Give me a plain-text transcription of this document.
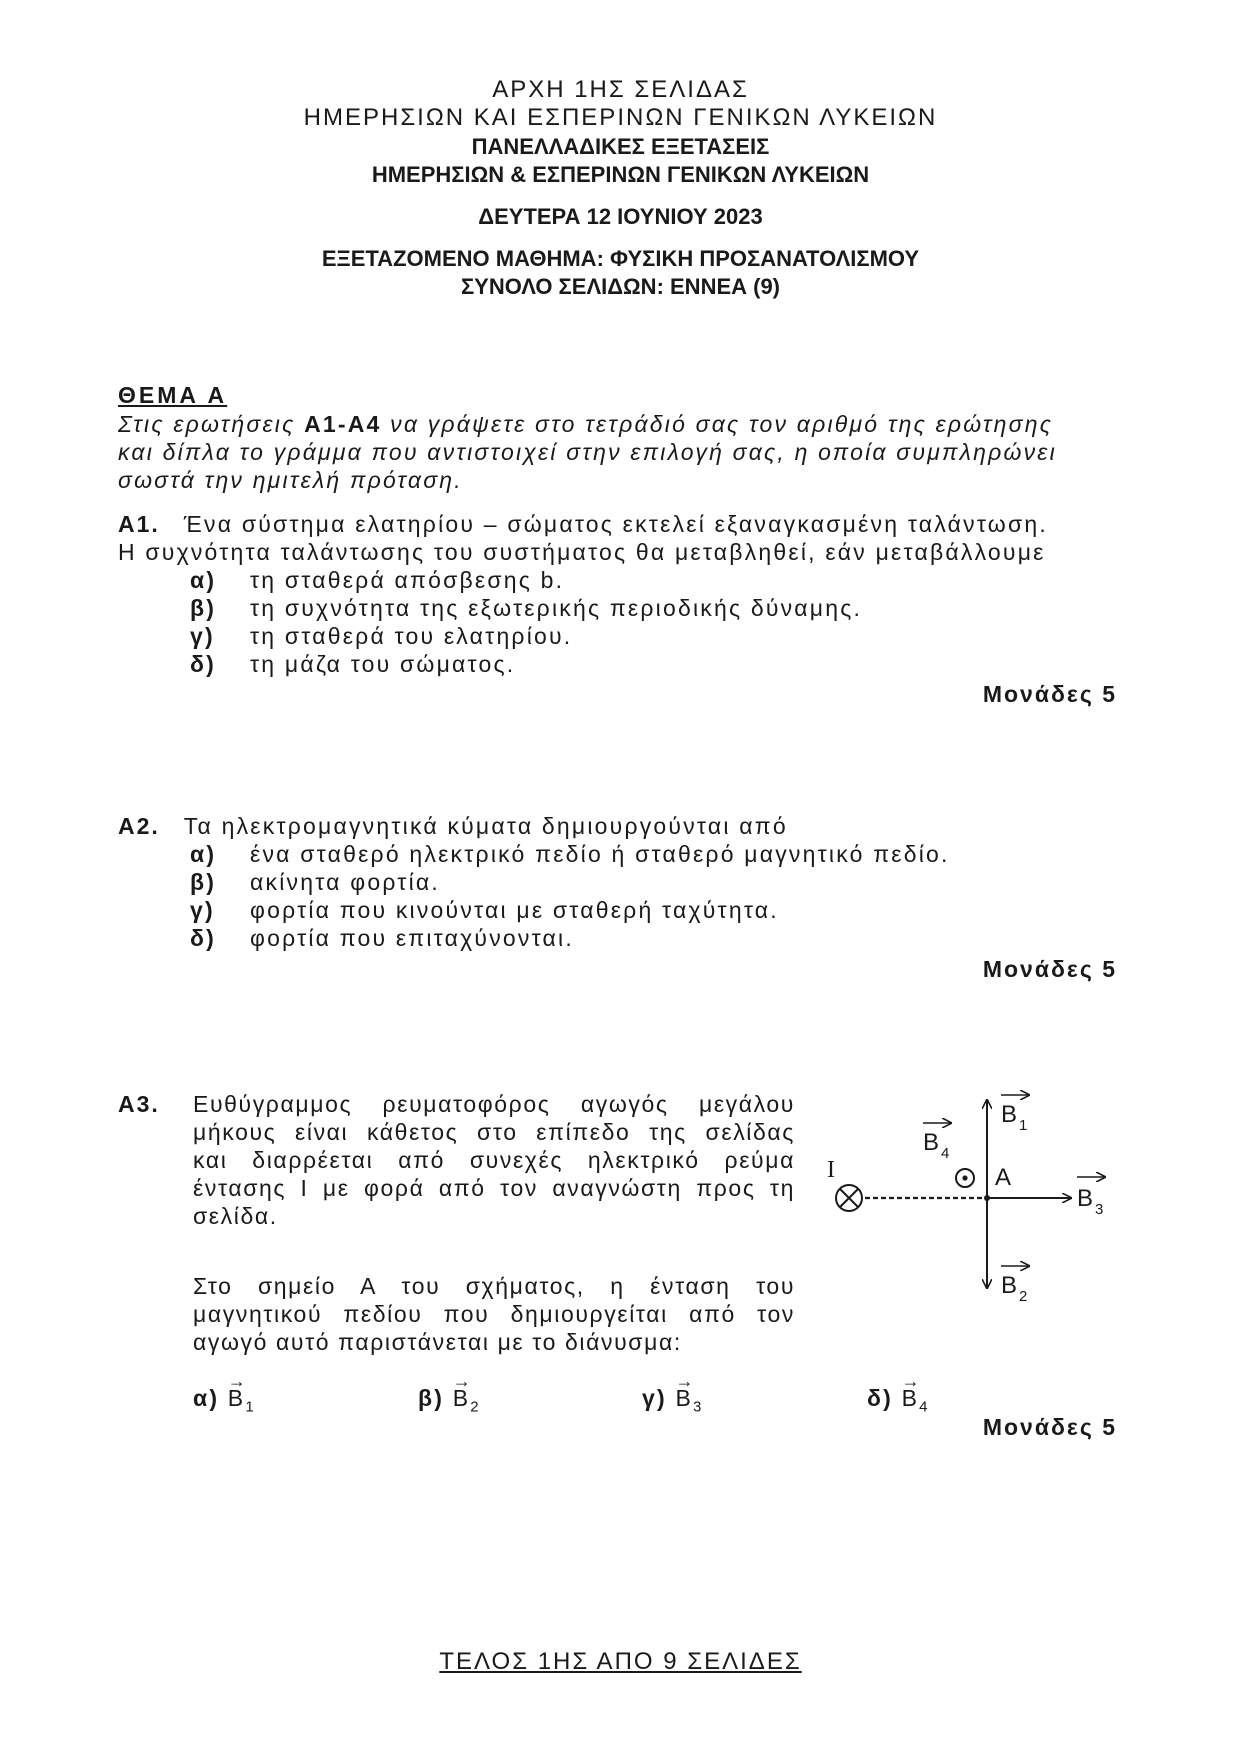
ΑΡΧΗ 1ΗΣ ΣΕΛΙΔΑΣ
ΗΜΕΡΗΣΙΩΝ ΚΑΙ ΕΣΠΕΡΙΝΩΝ ΓΕΝΙΚΩΝ ΛΥΚΕΙΩΝ
ΠΑΝΕΛΛΑΔΙΚΕΣ ΕΞΕΤΑΣΕΙΣ
ΗΜΕΡΗΣΙΩΝ & ΕΣΠΕΡΙΝΩΝ ΓΕΝΙΚΩΝ ΛΥΚΕΙΩΝ
ΔΕΥΤΕΡΑ 12 ΙΟΥΝΙΟΥ 2023
ΕΞΕΤΑΖΟΜΕΝΟ ΜΑΘΗΜΑ: ΦΥΣΙΚΗ ΠΡΟΣΑΝΑΤΟΛΙΣΜΟΥ
ΣΥΝΟΛΟ ΣΕΛΙΔΩΝ: ΕΝΝΕΑ (9)
ΘΕΜΑ Α
Στις ερωτήσεις Α1-Α4 να γράψετε στο τετράδιό σας τον αριθμό της ερώτησης
και δίπλα το γράμμα που αντιστοιχεί στην επιλογή σας, η οποία συμπληρώνει
σωστά την ημιτελή πρόταση.
Α1. Ένα σύστημα ελατηρίου – σώματος εκτελεί εξαναγκασμένη ταλάντωση.
Η συχνότητα ταλάντωσης του συστήματος θα μεταβληθεί, εάν μεταβάλλουμε
α) τη σταθερά απόσβεσης b.
β) τη συχνότητα της εξωτερικής περιοδικής δύναμης.
γ) τη σταθερά του ελατηρίου.
δ) τη μάζα του σώματος.
Μονάδες 5
Α2. Τα ηλεκτρομαγνητικά κύματα δημιουργούνται από
α) ένα σταθερό ηλεκτρικό πεδίο ή σταθερό μαγνητικό πεδίο.
β) ακίνητα φορτία.
γ) φορτία που κινούνται με σταθερή ταχύτητα.
δ) φορτία που επιταχύνονται.
Μονάδες 5
Α3. Ευθύγραμμος ρευματοφόρος αγωγός μεγάλου
μήκους είναι κάθετος στο επίπεδο της σελίδας
και διαρρέεται από συνεχές ηλεκτρικό ρεύμα
έντασης Ι με φορά από τον αναγνώστη προς τη
σελίδα.
Στο σημείο Α του σχήματος, η ένταση του
μαγνητικού πεδίου που δημιουργείται από τον
αγωγό αυτό παριστάνεται με το διάνυσμα:
I	A
B 1
B 4
B 3
B 2
α)
→
$B_1$	β)
→
$B_2$	γ)
→
$B_3$	δ)
→
$B_4$
Μονάδες 5
ΤΕΛΟΣ 1ΗΣ ΑΠΟ 9 ΣΕΛΙΔΕΣ
